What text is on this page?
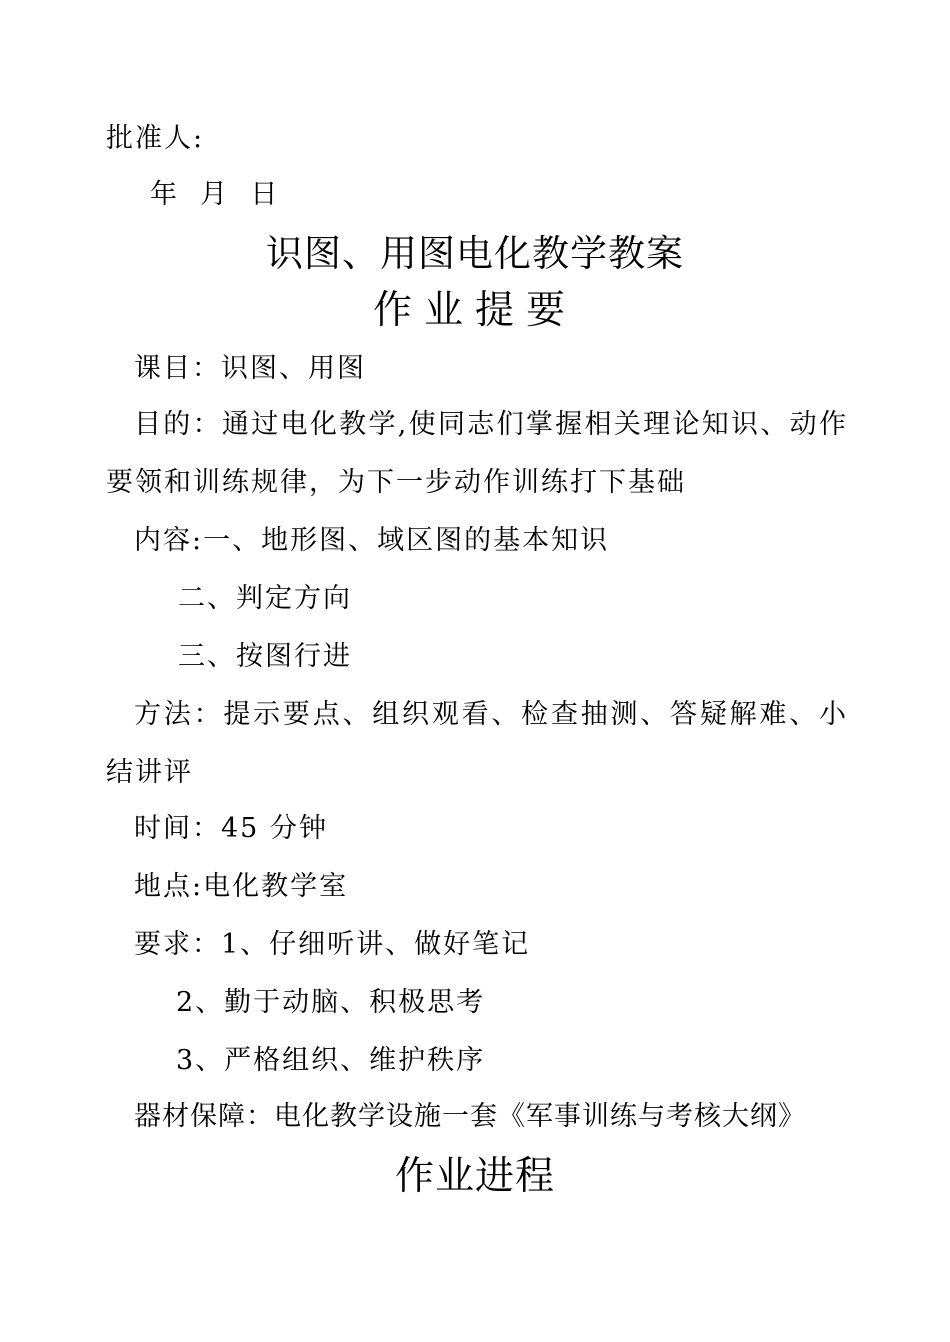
批准人:
年  月  日
识图、用图电化教学教案
作业提要
课目：识图、用图
目的：通过电化教学,使同志们掌握相关理论知识、动作
要领和训练规律，为下一步动作训练打下基础
内容:一、地形图、域区图的基本知识
二、判定方向
三、按图行进
方法：提示要点、组织观看、检查抽测、答疑解难、小
结讲评
时间：45 分钟
地点:电化教学室
要求：1、仔细听讲、做好笔记
2、勤于动脑、积极思考
3、严格组织、维护秩序
器材保障：电化教学设施一套《军事训练与考核大纲》
作业进程
